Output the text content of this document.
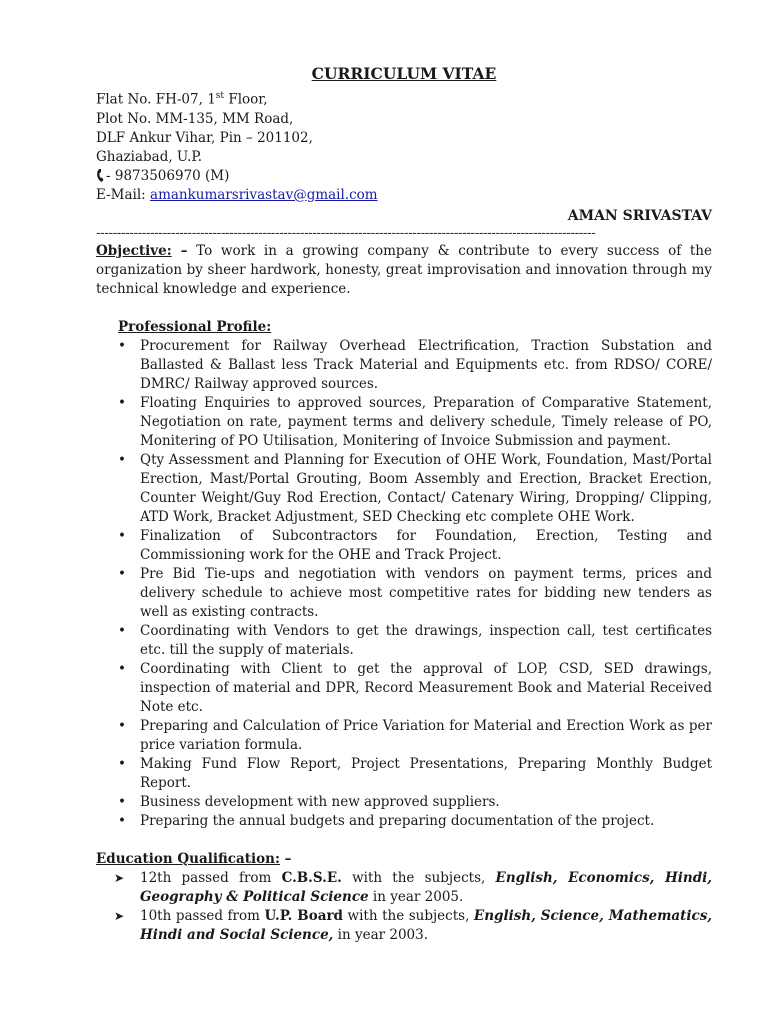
CURRICULUM VITAE
Flat No. FH-07, 1st Floor,
Plot No. MM-135, MM Road,
DLF Ankur Vihar, Pin – 201102,
Ghaziabad, U.P.
- 9873506970 (M)
E-Mail: amankumarsrivastav@gmail.com
AMAN SRIVASTAV
------------------------------------------------------------------------------------------------------------------------
Objective: – To work in a growing company & contribute to every success of the organization by sheer hardwork, honesty, great improvisation and innovation through my technical knowledge and experience.
Professional Profile:
• Procurement for Railway Overhead Electrification, Traction Substation and Ballasted & Ballast less Track Material and Equipments etc. from RDSO/ CORE/ DMRC/ Railway approved sources.
• Floating Enquiries to approved sources, Preparation of Comparative Statement, Negotiation on rate, payment terms and delivery schedule, Timely release of PO, Monitering of PO Utilisation, Monitering of Invoice Submission and payment.
• Qty Assessment and Planning for Execution of OHE Work, Foundation, Mast/Portal Erection, Mast/Portal Grouting, Boom Assembly and Erection, Bracket Erection, Counter Weight/Guy Rod Erection, Contact/ Catenary Wiring, Dropping/ Clipping, ATD Work, Bracket Adjustment, SED Checking etc complete OHE Work.
• Finalization of Subcontractors for Foundation, Erection, Testing and Commissioning work for the OHE and Track Project.
• Pre Bid Tie-ups and negotiation with vendors on payment terms, prices and delivery schedule to achieve most competitive rates for bidding new tenders as well as existing contracts.
• Coordinating with Vendors to get the drawings, inspection call, test certificates etc. till the supply of materials.
• Coordinating with Client to get the approval of LOP, CSD, SED drawings, inspection of material and DPR, Record Measurement Book and Material Received Note etc.
• Preparing and Calculation of Price Variation for Material and Erection Work as per price variation formula.
• Making Fund Flow Report, Project Presentations, Preparing Monthly Budget Report.
• Business development with new approved suppliers.
• Preparing the annual budgets and preparing documentation of the project.
Education Qualification: –
➤ 12th passed from C.B.S.E. with the subjects, English, Economics, Hindi, Geography & Political Science in year 2005.
➤ 10th passed from U.P. Board with the subjects, English, Science, Mathematics, Hindi and Social Science, in year 2003.
